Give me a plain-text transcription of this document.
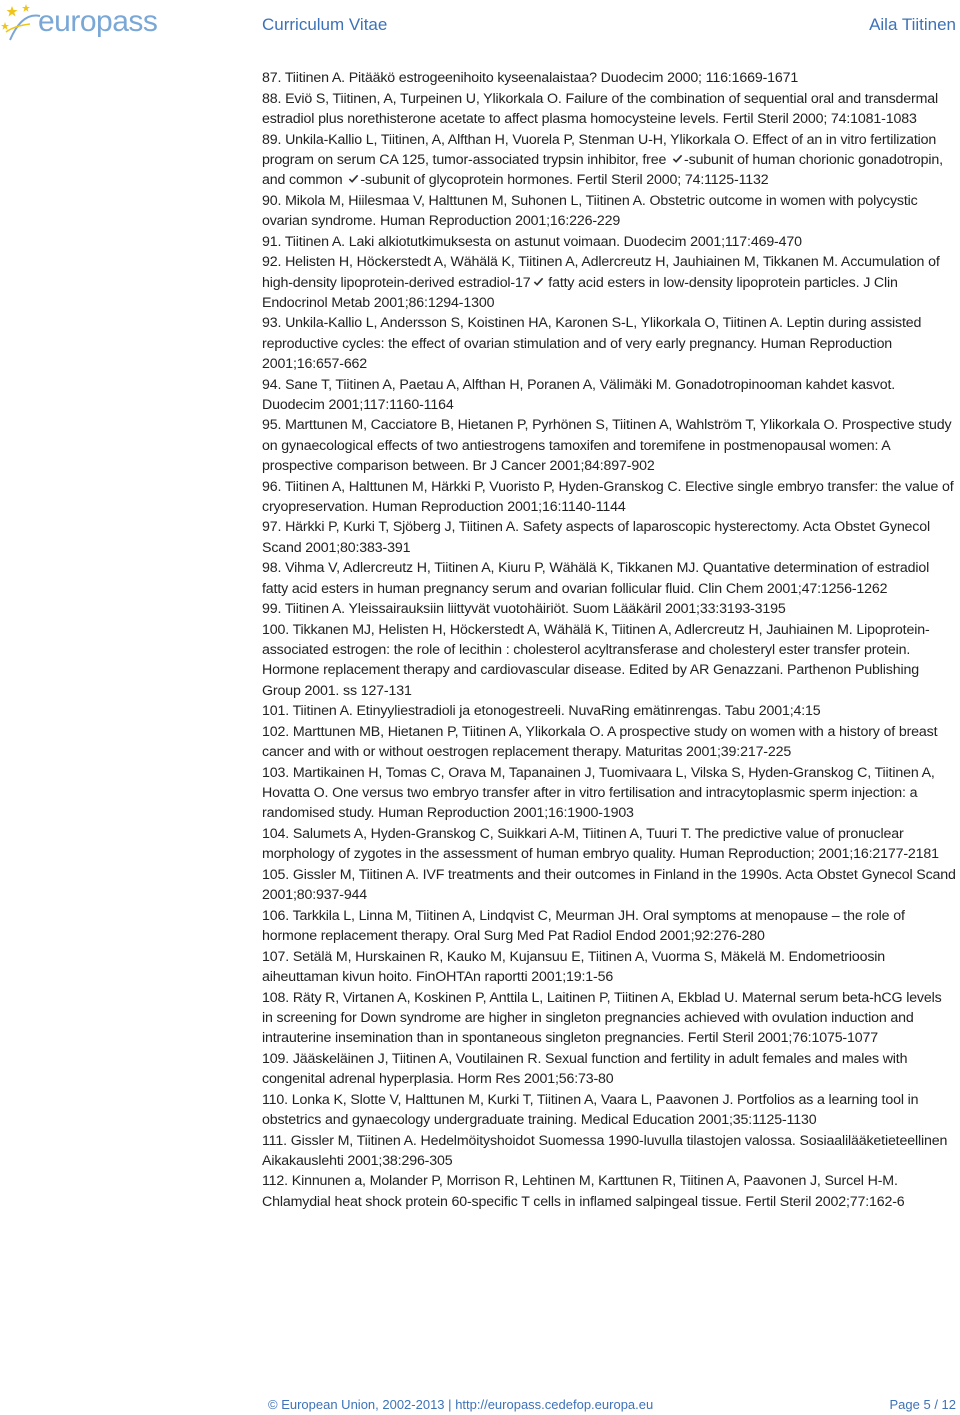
europass	Curriculum Vitae	Aila Tiitinen
87. Tiitinen A. Pitääkö estrogeenihoito kyseenalaistaa? Duodecim 2000; 116:1669-1671
88. Eviö S, Tiitinen, A, Turpeinen U, Ylikorkala O. Failure of the combination of sequential oral and transdermal estradiol plus norethisterone acetate to affect plasma homocysteine levels. Fertil Steril 2000; 74:1081-1083
89. Unkila-Kallio L, Tiitinen, A, Alfthan H, Vuorela P, Stenman U-H, Ylikorkala O. Effect of an in vitro fertilization program on serum CA 125, tumor-associated trypsin inhibitor, free -subunit of human chorionic gonadotropin, and common -subunit of glycoprotein hormones. Fertil Steril 2000; 74:1125-1132
90. Mikola M, Hiilesmaa V, Halttunen M, Suhonen L, Tiitinen A. Obstetric outcome in women with polycystic ovarian syndrome. Human Reproduction 2001;16:226-229
91. Tiitinen A. Laki alkiotutkimuksesta on astunut voimaan. Duodecim 2001;117:469-470
92. Helisten H, Höckerstedt A, Wähälä K, Tiitinen A, Adlercreutz H, Jauhiainen M, Tikkanen M. Accumulation of high-density lipoprotein-derived estradiol-17 fatty acid esters in low-density lipoprotein particles. J Clin Endocrinol Metab 2001;86:1294-1300
93. Unkila-Kallio L, Andersson S, Koistinen HA, Karonen S-L, Ylikorkala O, Tiitinen A. Leptin during assisted reproductive cycles: the effect of ovarian stimulation and of very early pregnancy. Human Reproduction 2001;16:657-662
94. Sane T, Tiitinen A, Paetau A, Alfthan H, Poranen A, Välimäki M. Gonadotropinooman kahdet kasvot. Duodecim 2001;117:1160-1164
95. Marttunen M, Cacciatore B, Hietanen P, Pyrhönen S, Tiitinen A, Wahlström T, Ylikorkala O. Prospective study on gynaecological effects of two antiestrogens tamoxifen and toremifene in postmenopausal women: A prospective comparison between. Br J Cancer 2001;84:897-902
96. Tiitinen A, Halttunen M, Härkki P, Vuoristo P, Hyden-Granskog C. Elective single embryo transfer: the value of cryopreservation. Human Reproduction 2001;16:1140-1144
97. Härkki P, Kurki T, Sjöberg J, Tiitinen A. Safety aspects of laparoscopic hysterectomy. Acta Obstet Gynecol Scand 2001;80:383-391
98. Vihma V, Adlercreutz H, Tiitinen A, Kiuru P, Wähälä K, Tikkanen MJ. Quantative determination of estradiol fatty acid esters in human pregnancy serum and ovarian follicular fluid. Clin Chem 2001;47:1256-1262
99. Tiitinen A. Yleissairauksiin liittyvät vuotohäiriöt. Suom Lääkäril 2001;33:3193-3195
100. Tikkanen MJ, Helisten H, Höckerstedt A, Wähälä K, Tiitinen A, Adlercreutz H, Jauhiainen M. Lipoprotein-associated estrogen: the role of lecithin : cholesterol acyltransferase and cholesteryl ester transfer protein. Hormone replacement therapy and cardiovascular disease. Edited by AR Genazzani. Parthenon Publishing Group 2001. ss 127-131
101. Tiitinen A. Etinyyliestradioli ja etonogestreeli. NuvaRing emätinrengas. Tabu 2001;4:15
102. Marttunen MB, Hietanen P, Tiitinen A, Ylikorkala O. A prospective study on women with a history of breast cancer and with or without oestrogen replacement therapy. Maturitas 2001;39:217-225
103. Martikainen H, Tomas C, Orava M, Tapanainen J, Tuomivaara L, Vilska S, Hyden-Granskog C, Tiitinen A, Hovatta O. One versus two embryo transfer after in vitro fertilisation and intracytoplasmic sperm injection: a randomised study. Human Reproduction 2001;16:1900-1903
104. Salumets A, Hyden-Granskog C, Suikkari A-M, Tiitinen A, Tuuri T. The predictive value of pronuclear morphology of zygotes in the assessment of human embryo quality. Human Reproduction; 2001;16:2177-2181
105. Gissler M, Tiitinen A. IVF treatments and their outcomes in Finland in the 1990s. Acta Obstet Gynecol Scand 2001;80:937-944
106. Tarkkila L, Linna M, Tiitinen A, Lindqvist C, Meurman JH. Oral symptoms at menopause – the role of hormone replacement therapy. Oral Surg Med Pat Radiol Endod 2001;92:276-280
107. Setälä M, Hurskainen R, Kauko M, Kujansuu E, Tiitinen A, Vuorma S, Mäkelä M. Endometrioosin aiheuttaman kivun hoito. FinOHTAn raportti 2001;19:1-56
108. Räty R, Virtanen A, Koskinen P, Anttila L, Laitinen P, Tiitinen A, Ekblad U. Maternal serum beta-hCG levels in screening for Down syndrome are higher in singleton pregnancies achieved with ovulation induction and intrauterine insemination than in spontaneous singleton pregnancies. Fertil Steril 2001;76:1075-1077
109. Jääskeläinen J, Tiitinen A, Voutilainen R. Sexual function and fertility in adult females and males with congenital adrenal hyperplasia. Horm Res 2001;56:73-80
110. Lonka K, Slotte V, Halttunen M, Kurki T, Tiitinen A, Vaara L, Paavonen J. Portfolios as a learning tool in obstetrics and gynaecology undergraduate training. Medical Education 2001;35:1125-1130
111. Gissler M, Tiitinen A. Hedelmöityshoidot Suomessa 1990-luvulla tilastojen valossa. Sosiaalilääketieteellinen Aikakauslehti 2001;38:296-305
112. Kinnunen a, Molander P, Morrison R, Lehtinen M, Karttunen R, Tiitinen A, Paavonen J, Surcel H-M. Chlamydial heat shock protein 60-specific T cells in inflamed salpingeal tissue. Fertil Steril 2002;77:162-6
© European Union, 2002-2013 | http://europass.cedefop.europa.eu	Page 5 / 12
